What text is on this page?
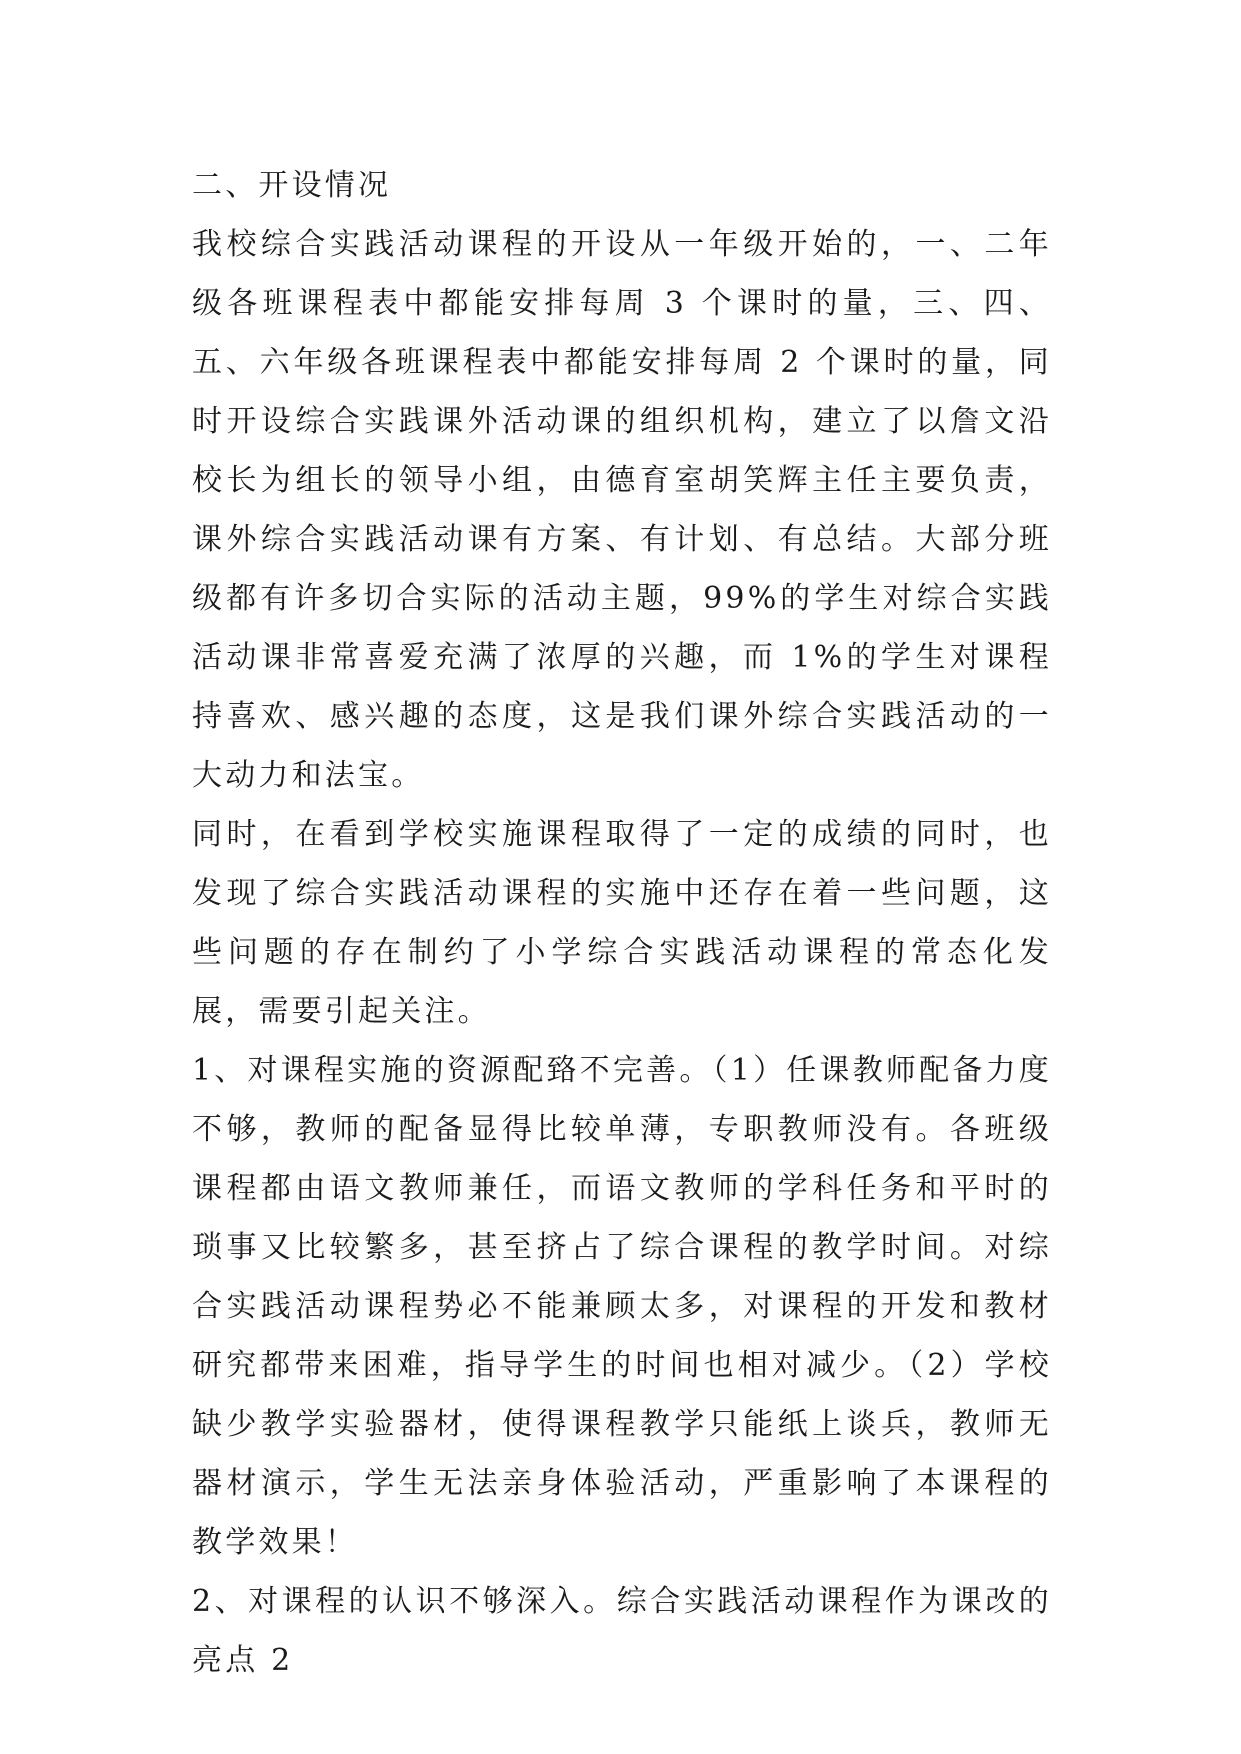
二、开设情况

我校综合实践活动课程的开设从一年级开始的，一、二年级各班课程表中都能安排每周 3 个课时的量，三、四、五、六年级各班课程表中都能安排每周 2 个课时的量，同时开设综合实践课外活动课的组织机构，建立了以詹文沿校长为组长的领导小组，由德育室胡笑辉主任主要负责，课外综合实践活动课有方案、有计划、有总结。大部分班级都有许多切合实际的活动主题，99%的学生对综合实践活动课非常喜爱充满了浓厚的兴趣，而 1%的学生对课程持喜欢、感兴趣的态度，这是我们课外综合实践活动的一大动力和法宝。

同时，在看到学校实施课程取得了一定的成绩的同时，也发现了综合实践活动课程的实施中还存在着一些问题，这些问题的存在制约了小学综合实践活动课程的常态化发展，需要引起关注。

1、对课程实施的资源配臵不完善。（1）任课教师配备力度不够，教师的配备显得比较单薄，专职教师没有。各班级课程都由语文教师兼任，而语文教师的学科任务和平时的琐事又比较繁多，甚至挤占了综合课程的教学时间。对综合实践活动课程势必不能兼顾太多，对课程的开发和教材研究都带来困难，指导学生的时间也相对减少。（2）学校缺少教学实验器材，使得课程教学只能纸上谈兵，教师无器材演示，学生无法亲身体验活动，严重影响了本课程的教学效果！

2、对课程的认识不够深入。综合实践活动课程作为课改的亮点 2
